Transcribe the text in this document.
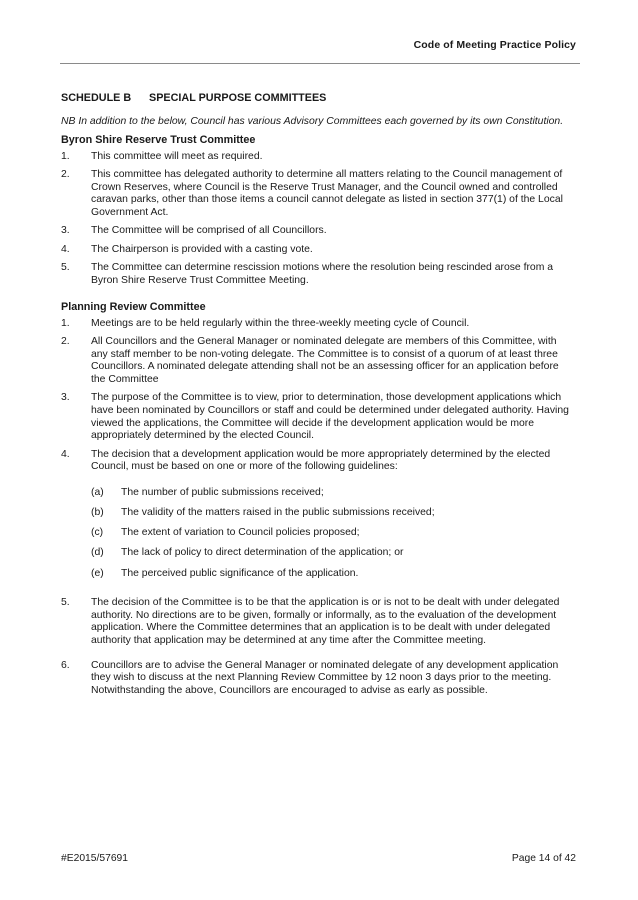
Code of Meeting Practice Policy
SCHEDULE B	SPECIAL PURPOSE COMMITTEES

NB In addition to the below, Council has various Advisory Committees each governed by its own Constitution.

Byron Shire Reserve Trust Committee
1.	This committee will meet as required.
2.	This committee has delegated authority to determine all matters relating to the Council management of Crown Reserves, where Council is the Reserve Trust Manager, and the Council owned and controlled caravan parks, other than those items a council cannot delegate as listed in section 377(1) of the Local Government Act.
3.	The Committee will be comprised of all Councillors.
4.	The Chairperson is provided with a casting vote.
5.	The Committee can determine rescission motions where the resolution being rescinded arose from a Byron Shire Reserve Trust Committee Meeting.
Planning Review Committee
1.	Meetings are to be held regularly within the three-weekly meeting cycle of Council.
2.	All Councillors and the General Manager or nominated delegate are members of this Committee, with any staff member to be non-voting delegate. The Committee is to consist of a quorum of at least three Councillors. A nominated delegate attending shall not be an assessing officer for an application before the Committee
3.	The purpose of the Committee is to view, prior to determination, those development applications which have been nominated by Councillors or staff and could be determined under delegated authority. Having viewed the applications, the Committee will decide if the development application would be more appropriately determined by the elected Council.
4.	The decision that a development application would be more appropriately determined by the elected Council, must be based on one or more of the following guidelines:
(a)	The number of public submissions received;
(b)	The validity of the matters raised in the public submissions received;
(c)	The extent of variation to Council policies proposed;
(d)	The lack of policy to direct determination of the application; or
(e)	The perceived public significance of the application.
5.	The decision of the Committee is to be that the application is or is not to be dealt with under delegated authority. No directions are to be given, formally or informally, as to the evaluation of the development application. Where the Committee determines that an application is to be dealt with under delegated authority that application may be determined at any time after the Committee meeting.
6.	Councillors are to advise the General Manager or nominated delegate of any development application they wish to discuss at the next Planning Review Committee by 12 noon 3 days prior to the meeting. Notwithstanding the above, Councillors are encouraged to advise as early as possible.
#E2015/57691	Page 14 of 42
